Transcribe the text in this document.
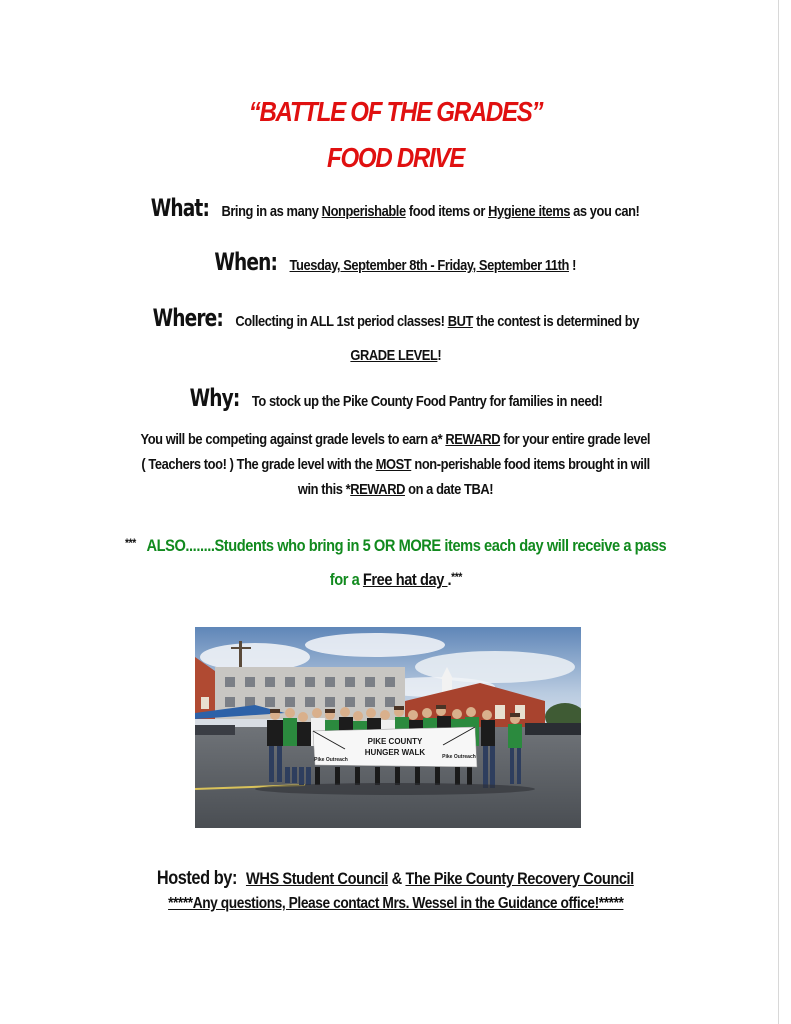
“BATTLE OF THE GRADES”
FOOD DRIVE
What: Bring in as many Nonperishable food items or Hygiene items as you can!
When: Tuesday, September 8th - Friday, September 11th !
Where: Collecting in ALL 1st period classes! BUT the contest is determined by
GRADE LEVEL!
Why: To stock up the Pike County Food Pantry for families in need!
You will be competing against grade levels to earn a* REWARD for your entire grade level
( Teachers too! ) The grade level with the MOST non-perishable food items brought in will
win this *REWARD on a date TBA!
*** ALSO........Students who bring in 5 OR MORE items each day will receive a pass
for a Free hat day .***
PIKE COUNTY
HUNGER WALK
Pike Outreach	Pike Outreach
Hosted by: WHS Student Council & The Pike County Recovery Council
*****Any questions, Please contact Mrs. Wessel in the Guidance office!*****
